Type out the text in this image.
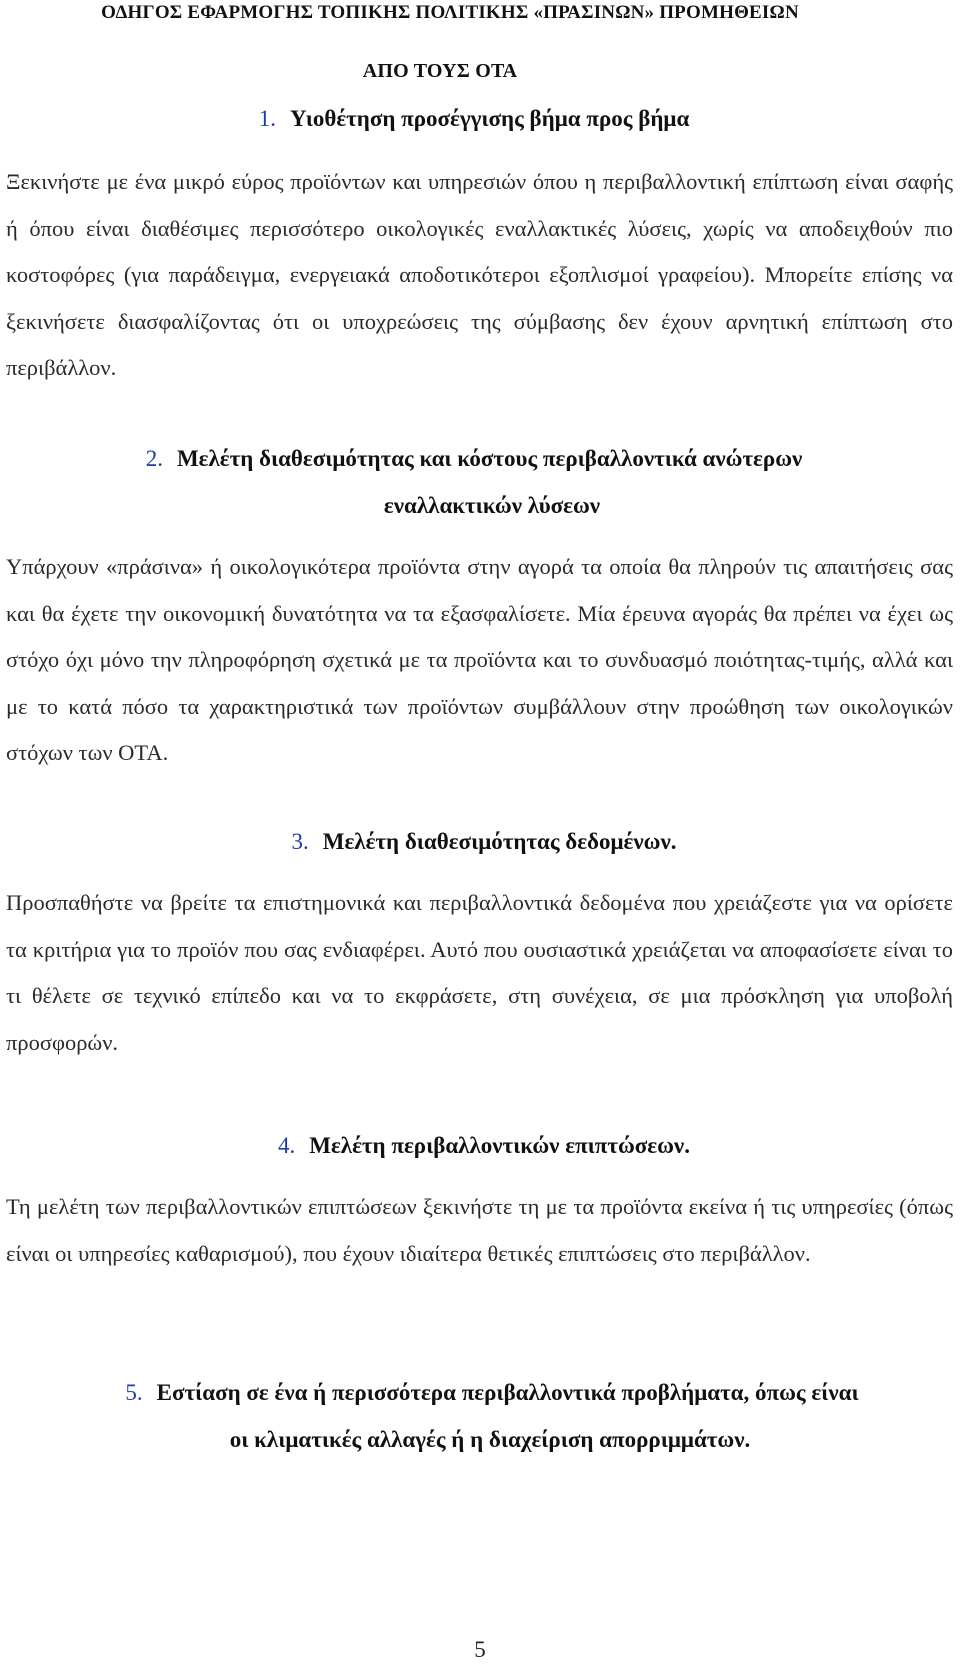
ΟΔΗΓΟΣ ΕΦΑΡΜΟΓΗΣ ΤΟΠΙΚΗΣ ΠΟΛΙΤΙΚΗΣ «ΠΡΑΣΙΝΩΝ» ΠΡΟΜΗΘΕΙΩΝ
ΑΠΟ ΤΟΥΣ ΟΤΑ
1. Υιοθέτηση προσέγγισης βήμα προς βήμα
Ξεκινήστε με ένα μικρό εύρος προϊόντων και υπηρεσιών όπου η περιβαλλοντική επίπτωση είναι σαφής ή όπου είναι διαθέσιμες περισσότερο οικολογικές εναλλακτικές λύσεις, χωρίς να αποδειχθούν πιο κοστοφόρες (για παράδειγμα, ενεργειακά αποδοτικότεροι εξοπλισμοί γραφείου). Μπορείτε επίσης να ξεκινήσετε διασφαλίζοντας ότι οι υποχρεώσεις της σύμβασης δεν έχουν αρνητική επίπτωση στο περιβάλλον.
2. Μελέτη διαθεσιμότητας και κόστους περιβαλλοντικά ανώτερων
εναλλακτικών λύσεων
Υπάρχουν «πράσινα» ή οικολογικότερα προϊόντα στην αγορά τα οποία θα πληρούν τις απαιτήσεις σας και θα έχετε την οικονομική δυνατότητα να τα εξασφαλίσετε. Μία έρευνα αγοράς θα πρέπει να έχει ως στόχο όχι μόνο την πληροφόρηση σχετικά με τα προϊόντα και το συνδυασμό ποιότητας-τιμής, αλλά και με το κατά πόσο τα χαρακτηριστικά των προϊόντων συμβάλλουν στην προώθηση των οικολογικών στόχων των ΟΤΑ.
3. Μελέτη διαθεσιμότητας δεδομένων.
Προσπαθήστε να βρείτε τα επιστημονικά και περιβαλλοντικά δεδομένα που χρειάζεστε για να ορίσετε τα κριτήρια για το προϊόν που σας ενδιαφέρει. Αυτό που ουσιαστικά χρειάζεται να αποφασίσετε είναι το τι θέλετε σε τεχνικό επίπεδο και να το εκφράσετε, στη συνέχεια, σε μια πρόσκληση για υποβολή προσφορών.
4. Μελέτη περιβαλλοντικών επιπτώσεων.
Τη μελέτη των περιβαλλοντικών επιπτώσεων ξεκινήστε τη με τα προϊόντα εκείνα ή τις υπηρεσίες (όπως είναι οι υπηρεσίες καθαρισμού), που έχουν ιδιαίτερα θετικές επιπτώσεις στο περιβάλλον.
5. Εστίαση σε ένα ή περισσότερα περιβαλλοντικά προβλήματα, όπως είναι
οι κλιματικές αλλαγές ή η διαχείριση απορριμμάτων.
5
